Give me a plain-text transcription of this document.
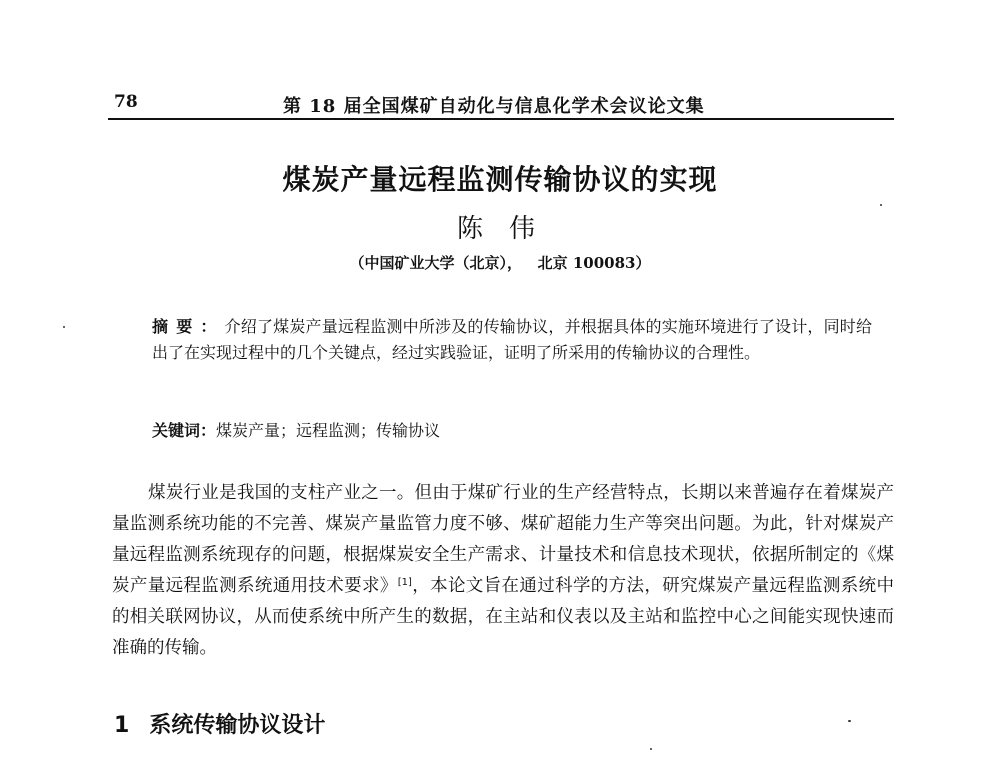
78	第 18 届全国煤矿自动化与信息化学术会议论文集
煤炭产量远程监测传输协议的实现
陈伟
（中国矿业大学（北京），   北京 100083）
摘要：介绍了煤炭产量远程监测中所涉及的传输协议，并根据具体的实施环境进行了设计，同时给出了在实现过程中的几个关键点，经过实践验证，证明了所采用的传输协议的合理性。
关键词：煤炭产量；远程监测；传输协议
煤炭行业是我国的支柱产业之一。但由于煤矿行业的生产经营特点，长期以来普遍存在着煤炭产量监测系统功能的不完善、煤炭产量监管力度不够、煤矿超能力生产等突出问题。为此，针对煤炭产量远程监测系统现存的问题，根据煤炭安全生产需求、计量技术和信息技术现状，依据所制定的《煤炭产量远程监测系统通用技术要求》[1]，本论文旨在通过科学的方法，研究煤炭产量远程监测系统中的相关联网协议，从而使系统中所产生的数据，在主站和仪表以及主站和监控中心之间能实现快速而准确的传输。
1 系统传输协议设计
